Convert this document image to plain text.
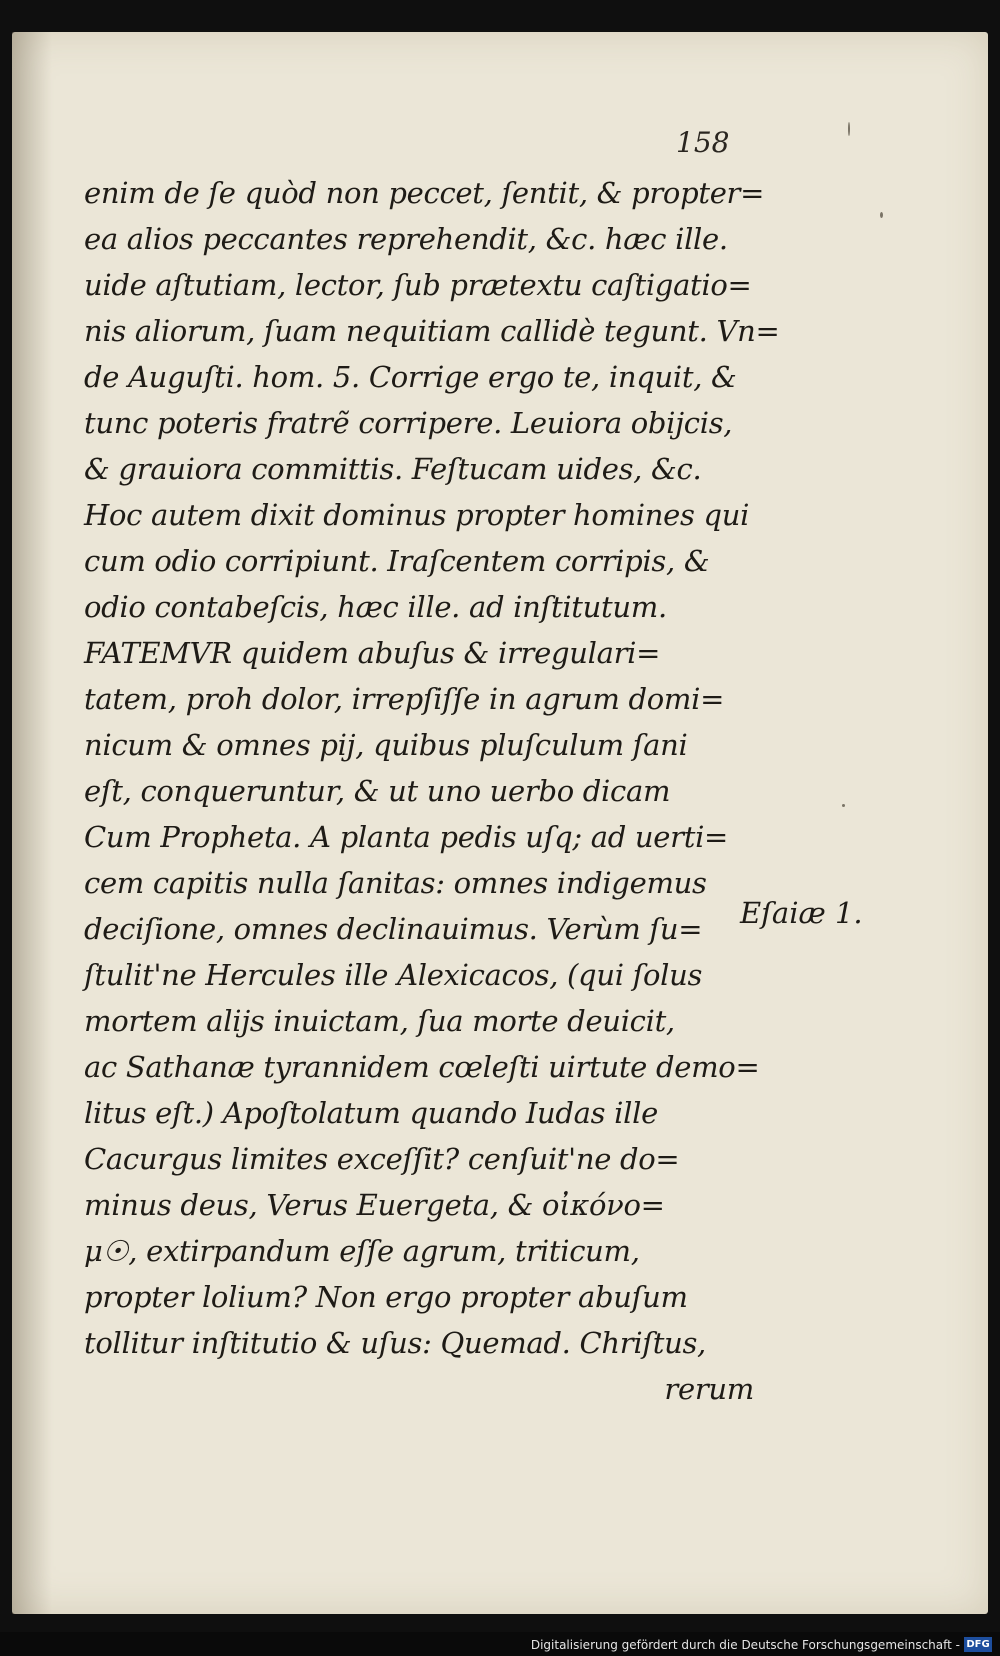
158

enim de ſe quòd non peccet, ſentit, & propter=
ea alios peccantes reprehendit, &c. hæc ille.
uide aſtutiam, lector, ſub prætextu caſtigatio=
nis aliorum, ſuam nequitiam callidè tegunt. Vn=
de Auguſti. hom. 5. Corrige ergo te, inquit, &
tunc poteris fratrẽ corripere. Leuiora obijcis,
& grauiora committis. Feſtucam uides, &c.
Hoc autem dixit dominus propter homines qui
cum odio corripiunt. Iraſcentem corripis, &
odio contabeſcis, hæc ille. ad inſtitutum.
FATEMVR quidem abuſus & irregulari=
tatem, proh dolor, irrepſiſſe in agrum domi=
nicum & omnes pij, quibus pluſculum ſani
eſt, conqueruntur, & ut uno uerbo dicam
Cum Propheta. A planta pedis uſq; ad uerti=
cem capitis nulla ſanitas: omnes indigemus
deciſione, omnes declinauimus. Verùm ſu=
ſtulit'ne Hercules ille Alexicacos, (qui ſolus
mortem alijs inuictam, ſua morte deuicit,
ac Sathanæ tyrannidem cœleſti uirtute demo=
litus eſt.) Apoſtolatum quando Iudas ille
Cacurgus limites exceſſit? cenſuit'ne do=
minus deus, Verus Euergeta, & οἰκόνο=
μ☉, extirpandum eſſe agrum, triticum,
propter lolium? Non ergo propter abuſum
tollitur inſtitutio & uſus: Quemad. Chriſtus,
rerum

Eſaiæ 1.

Digitalisierung gefördert durch die Deutsche Forschungsgemeinschaft - DFG
